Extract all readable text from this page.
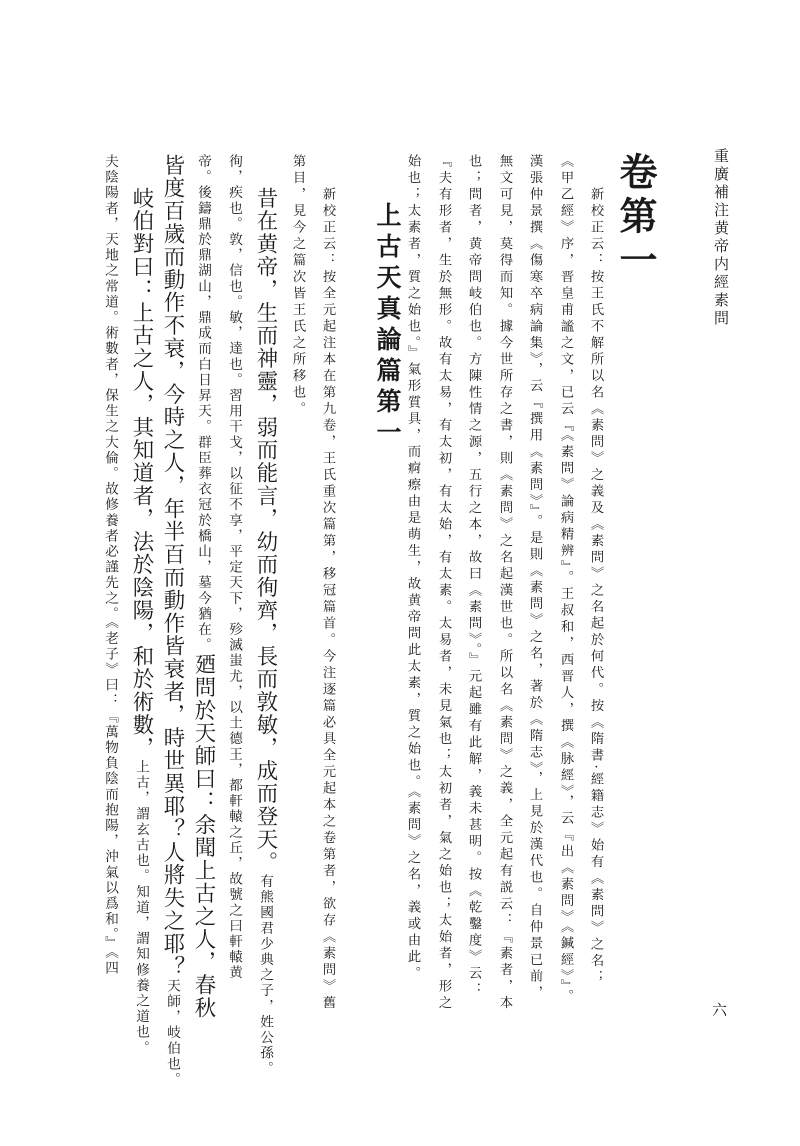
重廣補注黄帝内經素問
六
卷第一
新校正云：按王氏不解所以名《素問》之義及《素問》之名起於何代。按《隋書·經籍志》始有《素問》之名；
《甲乙經》序，晋皇甫謐之文，已云『《素問》論病精辨』。王叔和，西晋人，撰《脉經》，云『出《素問》《鍼經》』。
漢張仲景撰《傷寒卒病論集》，云『撰用《素問》』。是則《素問》之名，著於《隋志》，上見於漢代也。自仲景已前，
無文可見，莫得而知。據今世所存之書，則《素問》之名起漢世也。所以名《素問》之義，全元起有説云：『素者，本
也；問者，黄帝問岐伯也。方陳性情之源，五行之本，故曰《素問》。』元起雖有此解，義未甚明。按《乾鑿度》云：
『夫有形者，生於無形。故有太易，有太初，有太始，有太素。太易者，未見氣也；太初者，氣之始也；太始者，形之
始也；太素者，質之始也。』氣形質具，而痾瘵由是萌生，故黄帝問此太素，質之始也。《素問》之名，義或由此。
上古天真論篇第一
新校正云：按全元起注本在第九卷，王氏重次篇第，移冠篇首。今注逐篇必具全元起本之卷第者，欲存《素問》舊
第目，見今之篇次皆王氏之所移也。
昔在黄帝，生而神靈，弱而能言，幼而徇齊，長而敦敏，成而登天。有熊國君少典之子，姓公孫。
徇，疾也。敦，信也。敏，達也。習用干戈，以征不享，平定天下，殄滅蚩尤，以土德王，都軒轅之丘，故號之曰軒轅黄
帝。後鑄鼎於鼎湖山，鼎成而白日昇天。群臣葬衣冠於橋山，墓今猶在。廼問於天師曰：余聞上古之人，春秋
皆度百歲而動作不衰，今時之人，年半百而動作皆衰者，時世異耶？人將失之耶？天師，岐伯也。
岐伯對曰：上古之人，其知道者，法於陰陽，和於術數，上古，謂玄古也。知道，謂知修養之道也。
夫陰陽者，天地之常道。術數者，保生之大倫。故修養者必謹先之。《老子》曰：『萬物負陰而抱陽，沖氣以爲和。』《四
